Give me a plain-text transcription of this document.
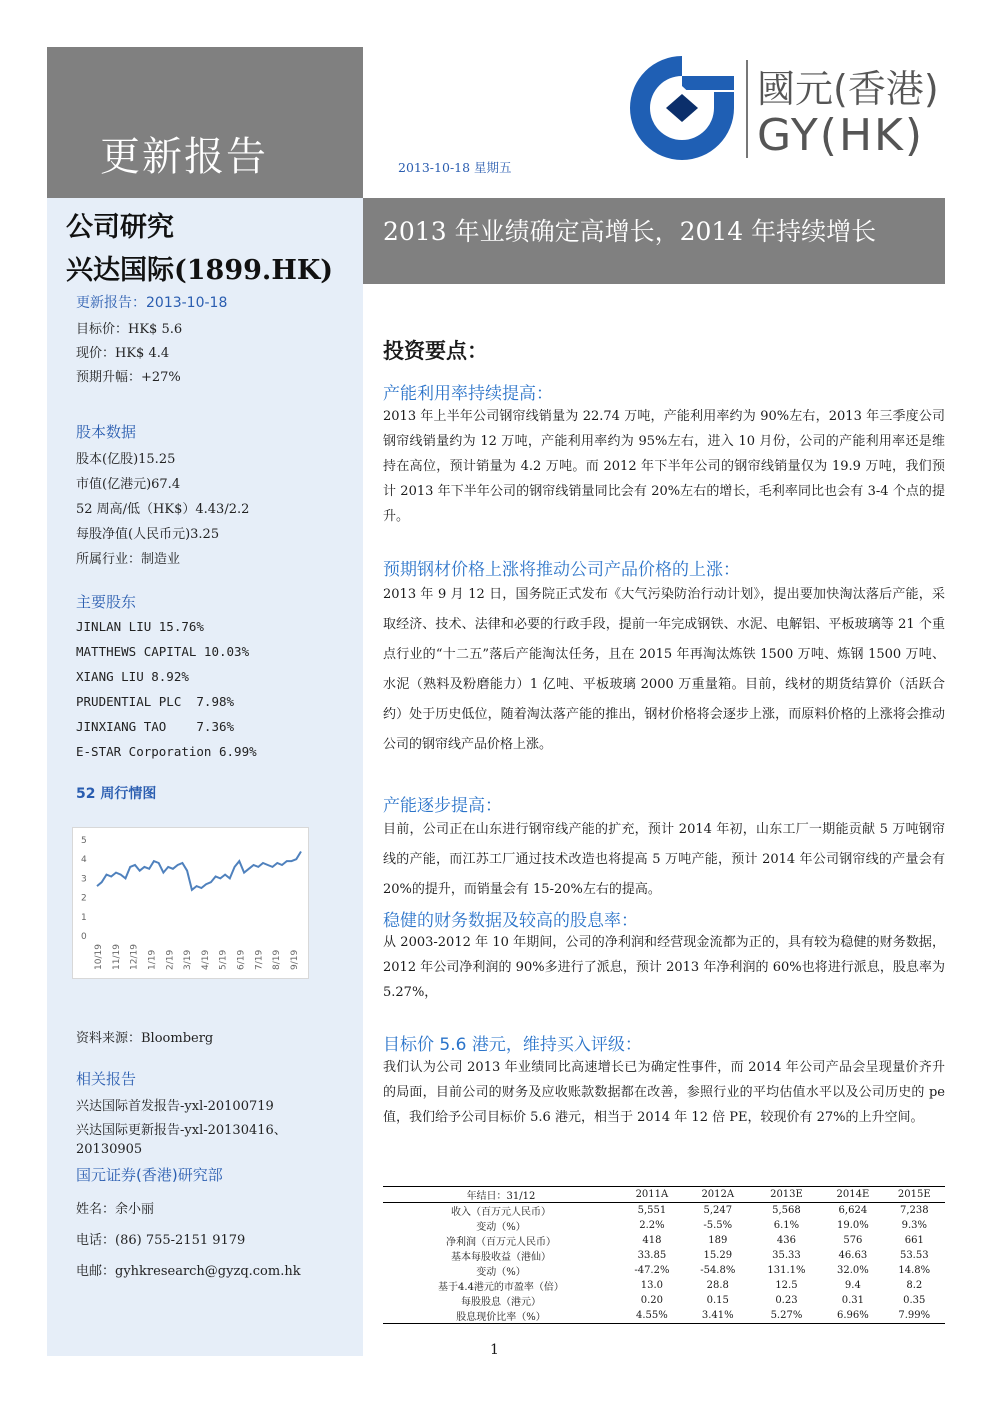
更新报告	2013-10-18 星期五
國元(香港)
GY(HK)
2013 年业绩确定高增长，2014 年持续增长
公司研究
兴达国际(1899.HK)
更新报告：2013-10-18
目标价：HK$ 5.6
现价：HK$ 4.4
预期升幅：+27%
股本数据
股本(亿股)15.25
市值(亿港元)67.4
52 周高/低（HK$）4.43/2.2
每股净值(人民币元)3.25
所属行业：制造业
主要股东
JINLAN LIU 15.76%
MATTHEWS CAPITAL 10.03%
XIANG LIU 8.92%
PRUDENTIAL PLC  7.98%
JINXIANG TAO    7.36%
E-STAR Corporation 6.99%
52 周行情图
0
1
2
3
4
5
10/19 11/19 12/19 1/19 2/19 3/19 4/19 5/19 6/19 7/19 8/19 9/19
资料来源：Bloomberg
相关报告
兴达国际首发报告-yxl-20100719
兴达国际更新报告-yxl-20130416、
20130905
国元证券(香港)研究部
姓名：余小丽
电话：(86) 755-2151 9179
电邮：gyhkresearch@gyzq.com.hk
投资要点：
产能利用率持续提高：
2013 年上半年公司钢帘线销量为 22.74 万吨，产能利用率约为 90%左右，2013 年三季度公司钢帘线销量约为 12 万吨，产能利用率约为 95%左右，进入 10 月份，公司的产能利用率还是维持在高位，预计销量为 4.2 万吨。而 2012 年下半年公司的钢帘线销量仅为 19.9 万吨，我们预计 2013 年下半年公司的钢帘线销量同比会有 20%左右的增长，毛利率同比也会有 3-4 个点的提升。
预期钢材价格上涨将推动公司产品价格的上涨：
2013 年 9 月 12 日，国务院正式发布《大气污染防治行动计划》，提出要加快淘汰落后产能，采取经济、技术、法律和必要的行政手段，提前一年完成钢铁、水泥、电解铝、平板玻璃等 21 个重点行业的“十二五”落后产能淘汰任务，且在 2015 年再淘汰炼铁 1500 万吨、炼钢 1500 万吨、水泥（熟料及粉磨能力）1 亿吨、平板玻璃 2000 万重量箱。目前，线材的期货结算价（活跃合约）处于历史低位，随着淘汰落产能的推出，钢材价格将会逐步上涨，而原料价格的上涨将会推动公司的钢帘线产品价格上涨。
产能逐步提高：
目前，公司正在山东进行钢帘线产能的扩充，预计 2014 年初，山东工厂一期能贡献 5 万吨钢帘线的产能，而江苏工厂通过技术改造也将提高 5 万吨产能，预计 2014 年公司钢帘线的产量会有 20%的提升，而销量会有 15-20%左右的提高。
稳健的财务数据及较高的股息率：
从 2003-2012 年 10 年期间，公司的净利润和经营现金流都为正的，具有较为稳健的财务数据，2012 年公司净利润的 90%多进行了派息，预计 2013 年净利润的 60%也将进行派息，股息率为 5.27%，
目标价 5.6 港元，维持买入评级：
我们认为公司 2013 年业绩同比高速增长已为确定性事件，而 2014 年公司产品会呈现量价齐升的局面，目前公司的财务及应收账款数据都在改善，参照行业的平均估值水平以及公司历史的 pe 值，我们给予公司目标价 5.6 港元，相当于 2014 年 12 倍 PE，较现价有 27%的上升空间。
年结日：31/12	2011A	2012A	2013E	2014E	2015E
收入（百万元人民币）	5,551	5,247	5,568	6,624	7,238
变动（%）	2.2%	-5.5%	6.1%	19.0%	9.3%
净利润（百万元人民币）	418	189	436	576	661
基本每股收益（港仙）	33.85	15.29	35.33	46.63	53.53
变动（%）	-47.2%	-54.8%	131.1%	32.0%	14.8%
基于4.4港元的市盈率（倍）	13.0	28.8	12.5	9.4	8.2
每股股息（港元）	0.20	0.15	0.23	0.31	0.35
股息现价比率（%）	4.55%	3.41%	5.27%	6.96%	7.99%
1
